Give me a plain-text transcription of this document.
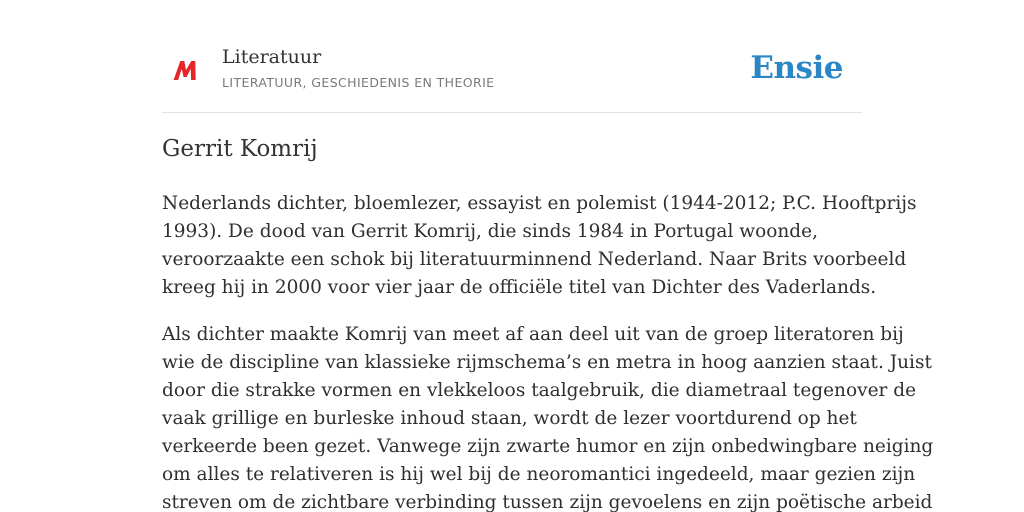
Literatuur
LITERATUUR, GESCHIEDENIS EN THEORIE	Ensie
Gerrit Komrij

Nederlands dichter, bloemlezer, essayist en polemist (1944-2012; P.C. Hooftprijs
1993). De dood van Gerrit Komrij, die sinds 1984 in Portugal woonde,
veroorzaakte een schok bij literatuurminnend Nederland. Naar Brits voorbeeld
kreeg hij in 2000 voor vier jaar de officiële titel van Dichter des Vaderlands.

Als dichter maakte Komrij van meet af aan deel uit van de groep literatoren bij
wie de discipline van klassieke rijmschema’s en metra in hoog aanzien staat. Juist
door die strakke vormen en vlekkeloos taalgebruik, die diametraal tegenover de
vaak grillige en burleske inhoud staan, wordt de lezer voortdurend op het
verkeerde been gezet. Vanwege zijn zwarte humor en zijn onbedwingbare neiging
om alles te relativeren is hij wel bij de neoromantici ingedeeld, maar gezien zijn
streven om de zichtbare verbinding tussen zijn gevoelens en zijn poëtische arbeid
